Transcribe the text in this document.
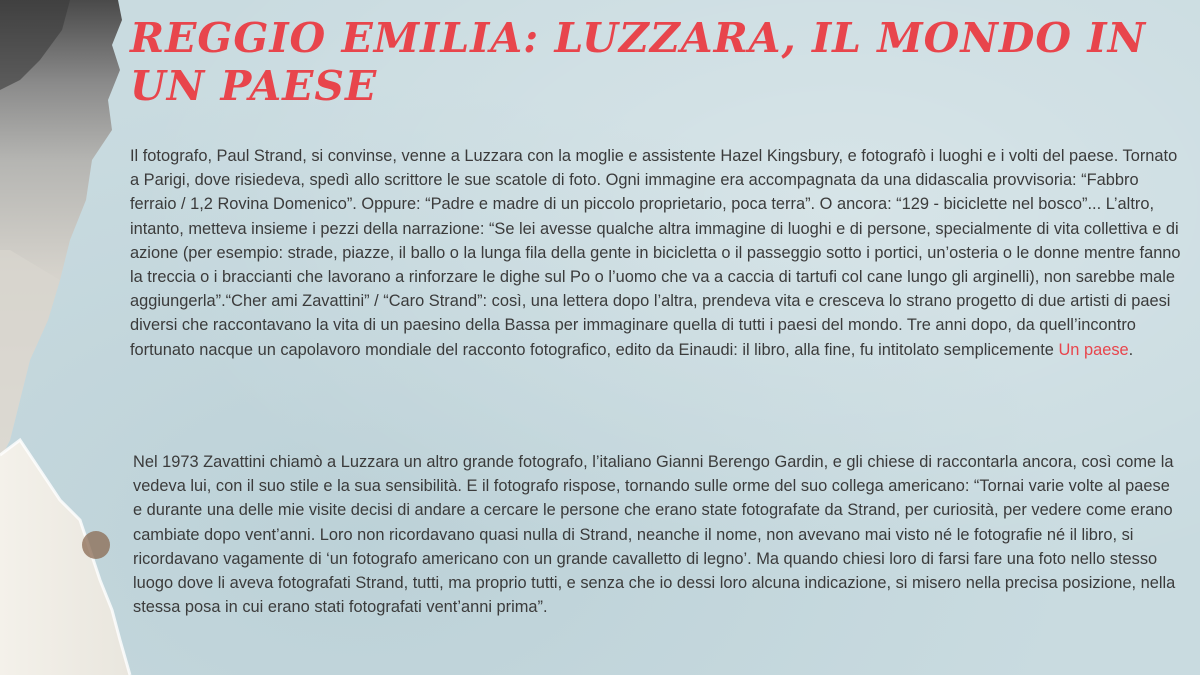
REGGIO EMILIA: LUZZARA, IL MONDO IN UN PAESE

Il fotografo, Paul Strand, si convinse, venne a Luzzara con la moglie e assistente Hazel Kingsbury, e fotografò i luoghi e i volti del paese. Tornato a Parigi, dove risiedeva, spedì allo scrittore le sue scatole di foto. Ogni immagine era accompagnata da una didascalia provvisoria: “Fabbro ferraio / 1,2 Rovina Domenico”. Oppure: “Padre e madre di un piccolo proprietario, poca terra”. O ancora: “129 - biciclette nel bosco”... L’altro, intanto, metteva insieme i pezzi della narrazione: “Se lei avesse qualche altra immagine di luoghi e di persone, specialmente di vita collettiva e di azione (per esempio: strade, piazze, il ballo o la lunga fila della gente in bicicletta o il passeggio sotto i portici, un’osteria o le donne mentre fanno la treccia o i braccianti che lavorano a rinforzare le dighe sul Po o l’uomo che va a caccia di tartufi col cane lungo gli arginelli), non sarebbe male aggiungerla”.“Cher ami Zavattini” / “Caro Strand”: così, una lettera dopo l’altra, prendeva vita e cresceva lo strano progetto di due artisti di paesi diversi che raccontavano la vita di un paesino della Bassa per immaginare quella di tutti i paesi del mondo. Tre anni dopo, da quell’incontro fortunato nacque un capolavoro mondiale del racconto fotografico, edito da Einaudi: il libro, alla fine, fu intitolato semplicemente Un paese.

Nel 1973 Zavattini chiamò a Luzzara un altro grande fotografo, l’italiano Gianni Berengo Gardin, e gli chiese di raccontarla ancora, così come la vedeva lui, con il suo stile e la sua sensibilità. E il fotografo rispose, tornando sulle orme del suo collega americano: “Tornai varie volte al paese e durante una delle mie visite decisi di andare a cercare le persone che erano state fotografate da Strand, per curiosità, per vedere come erano cambiate dopo vent’anni. Loro non ricordavano quasi nulla di Strand, neanche il nome, non avevano mai visto né le fotografie né il libro, si ricordavano vagamente di ‘un fotografo americano con un grande cavalletto di legno’. Ma quando chiesi loro di farsi fare una foto nello stesso luogo dove li aveva fotografati Strand, tutti, ma proprio tutti, e senza che io dessi loro alcuna indicazione, si misero nella precisa posizione, nella stessa posa in cui erano stati fotografati vent’anni prima”.
